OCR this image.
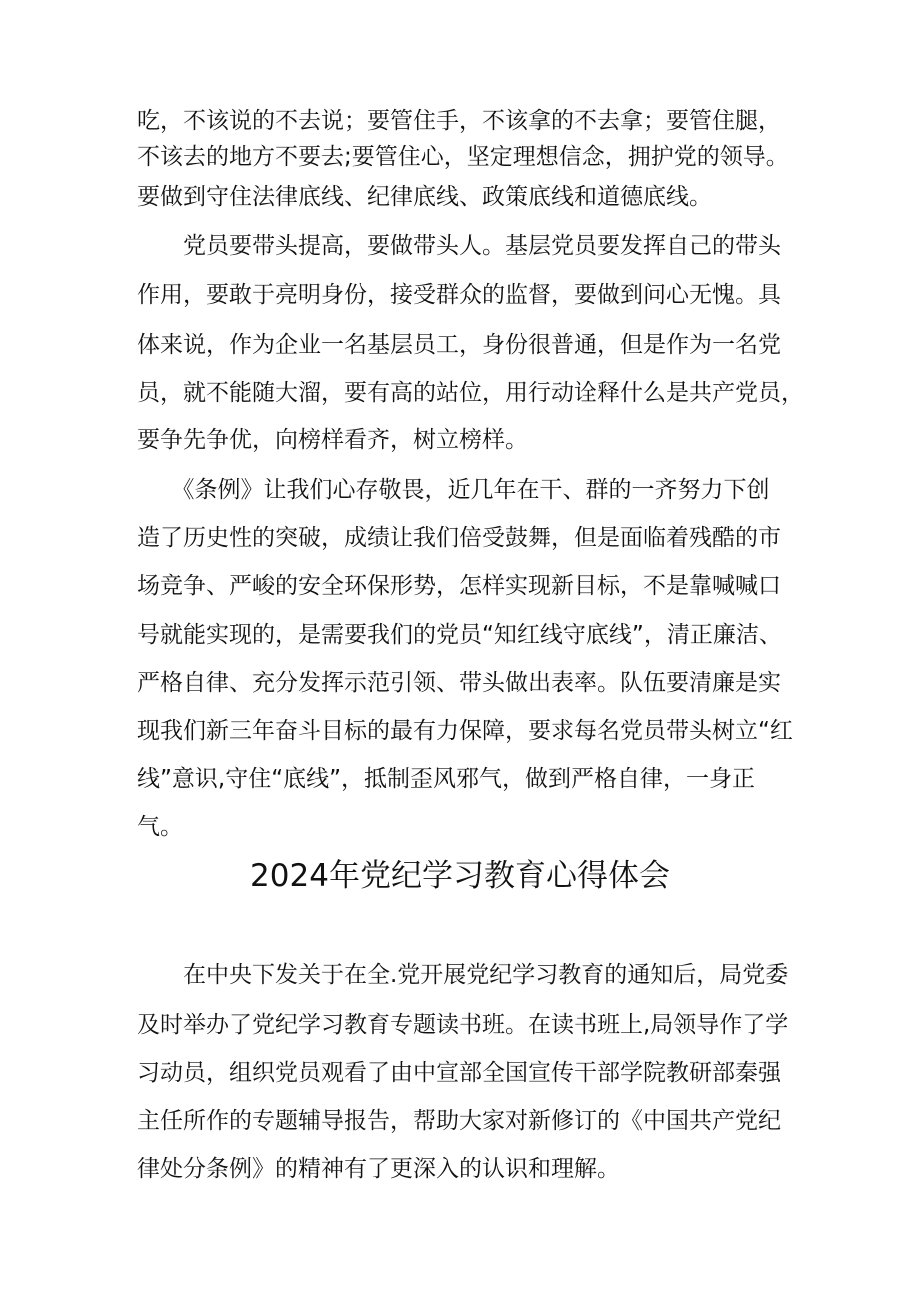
吃，不该说的不去说；要管住手，不该拿的不去拿；要管住腿，
不该去的地方不要去;要管住心，坚定理想信念，拥护党的领导。
要做到守住法律底线、纪律底线、政策底线和道德底线。
　　党员要带头提高，要做带头人。基层党员要发挥自己的带头
作用，要敢于亮明身份，接受群众的监督，要做到问心无愧。具
体来说，作为企业一名基层员工，身份很普通，但是作为一名党
员，就不能随大溜，要有高的站位，用行动诠释什么是共产党员，
要争先争优，向榜样看齐，树立榜样。
　　《条例》让我们心存敬畏，近几年在干、群的一齐努力下创
造了历史性的突破，成绩让我们倍受鼓舞，但是面临着残酷的市
场竞争、严峻的安全环保形势，怎样实现新目标，不是靠喊喊口
号就能实现的，是需要我们的党员“知红线守底线”，清正廉洁、
严格自律、充分发挥示范引领、带头做出表率。队伍要清廉是实
现我们新三年奋斗目标的最有力保障，要求每名党员带头树立“红
线”意识,守住“底线”，抵制歪风邪气，做到严格自律，一身正
气。
2024年党纪学习教育心得体会
　　在中央下发关于在全.党开展党纪学习教育的通知后，局党委
及时举办了党纪学习教育专题读书班。在读书班上,局领导作了学
习动员，组织党员观看了由中宣部全国宣传干部学院教研部秦强
主任所作的专题辅导报告，帮助大家对新修订的《中国共产党纪
律处分条例》的精神有了更深入的认识和理解。
